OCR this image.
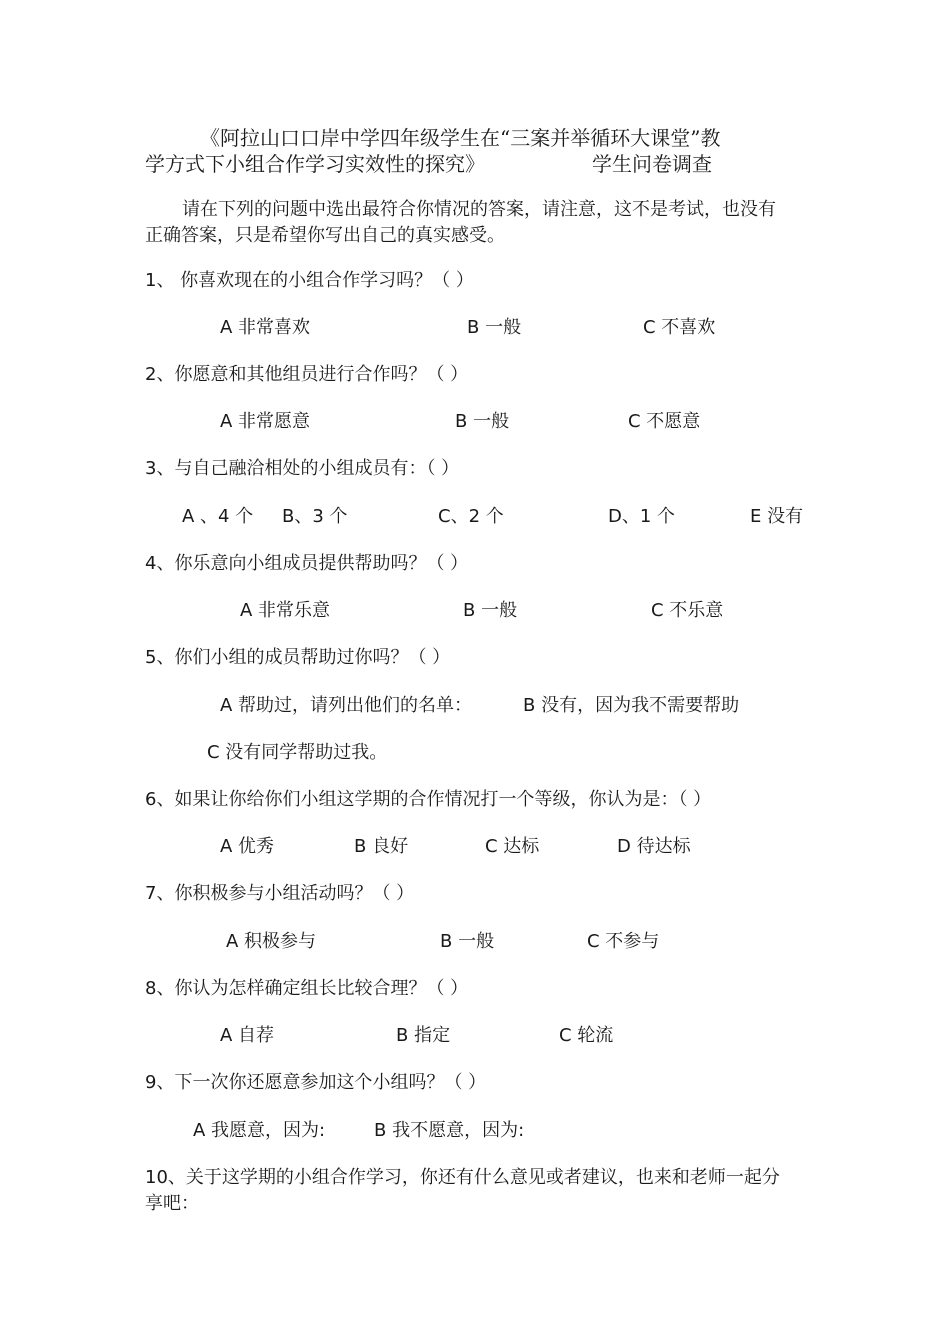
《阿拉山口口岸中学四年级学生在“三案并举循环大课堂”教
学方式下小组合作学习实效性的探究》	学生问卷调查
请在下列的问题中选出最符合你情况的答案，请注意，这不是考试，也没有
正确答案，只是希望你写出自己的真实感受。
1、 你喜欢现在的小组合作学习吗？（ ）
A 非常喜欢	B 一般	C 不喜欢
2、你愿意和其他组员进行合作吗？（ ）
A 非常愿意	B 一般	C 不愿意
3、与自己融洽相处的小组成员有：（ ）
A 、4 个 B、3 个	C、2 个	D、1 个	E 没有
4、你乐意向小组成员提供帮助吗？（ ）
A 非常乐意	B 一般	C 不乐意
5、你们小组的成员帮助过你吗？（ ）
A 帮助过，请列出他们的名单：	B 没有，因为我不需要帮助
C 没有同学帮助过我。
6、如果让你给你们小组这学期的合作情况打一个等级，你认为是：（ ）
A 优秀	B 良好	C 达标	D 待达标
7、你积极参与小组活动吗？（ ）
A 积极参与	B 一般	C 不参与
8、你认为怎样确定组长比较合理？（ ）
A 自荐	B 指定	C 轮流
9、下一次你还愿意参加这个小组吗？（ ）
A 我愿意，因为:	B 我不愿意，因为:
10、关于这学期的小组合作学习，你还有什么意见或者建议，也来和老师一起分
享吧：
